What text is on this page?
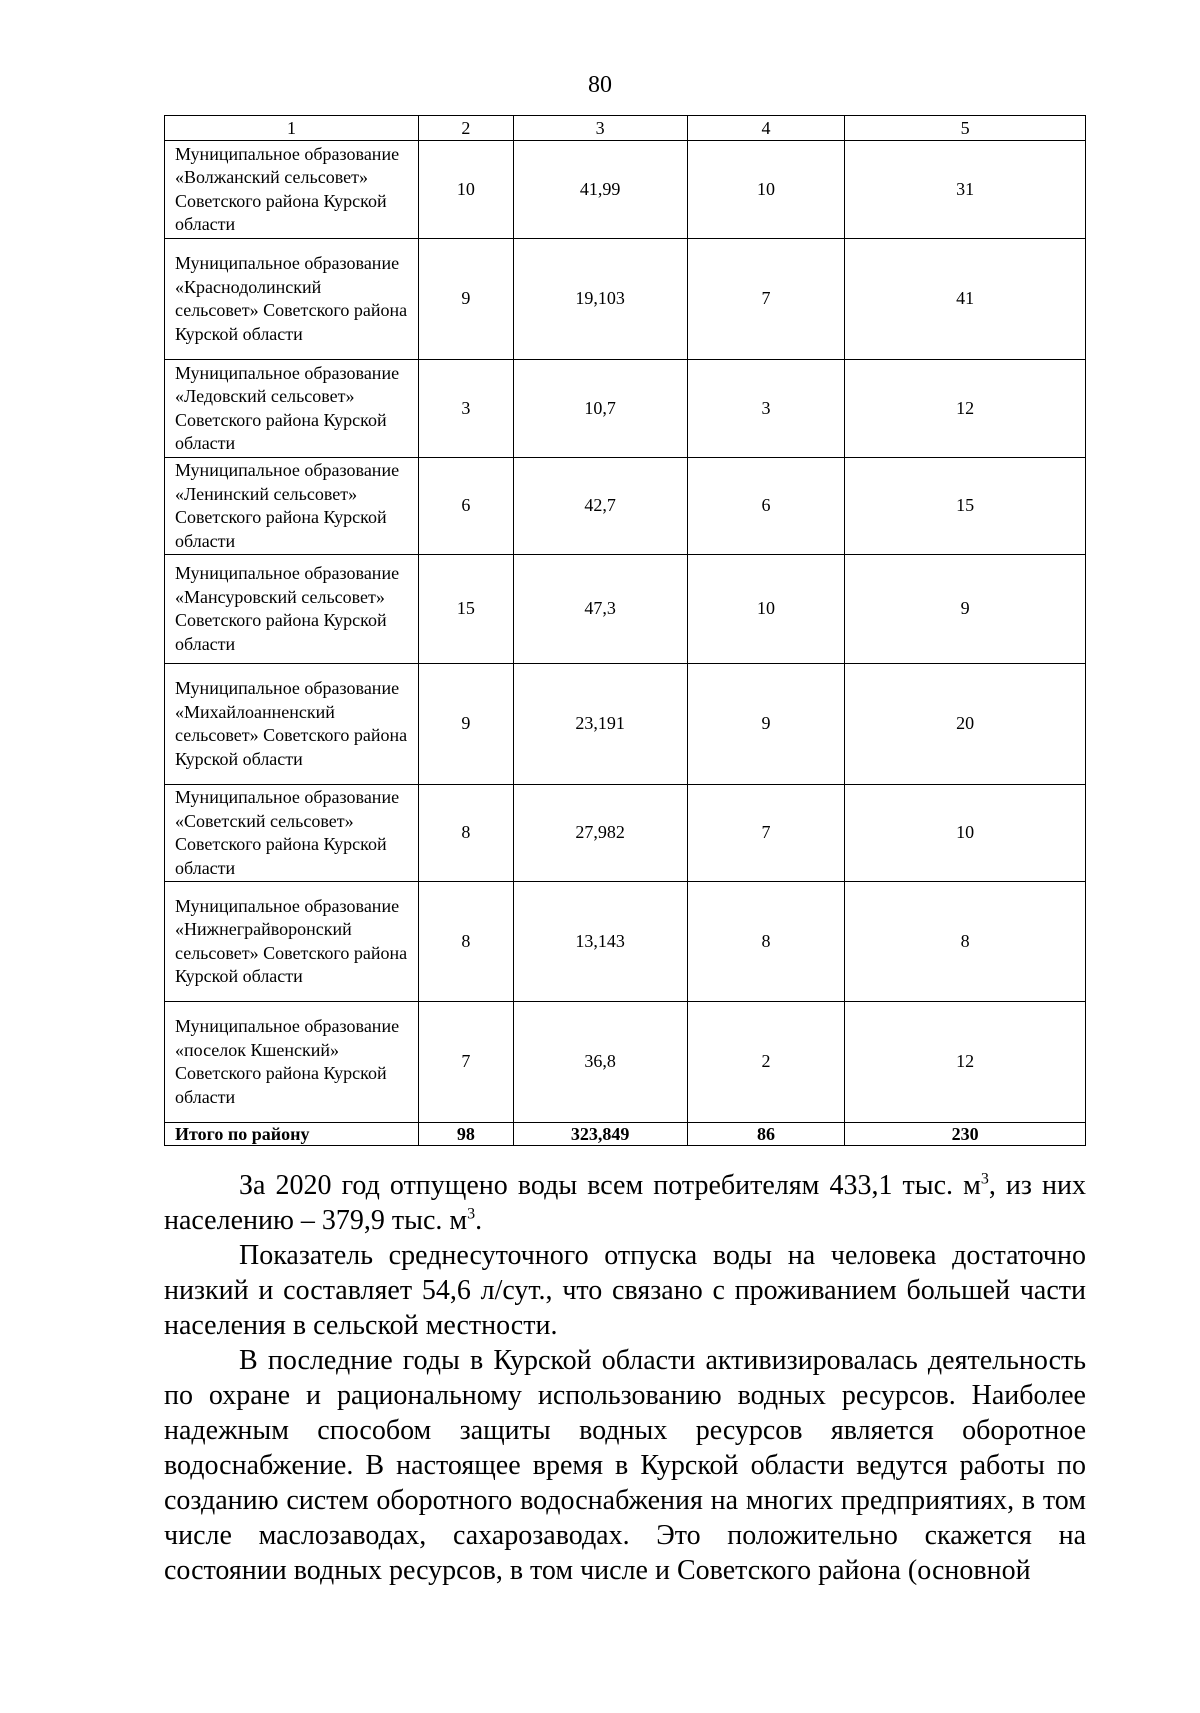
80
1	2	3	4	5
Муниципальное образование «Волжанский сельсовет» Советского района Курской области	10	41,99	10	31
Муниципальное образование «Краснодолинский сельсовет» Советского района Курской области	9	19,103	7	41
Муниципальное образование «Ледовский сельсовет» Советского района Курской области	3	10,7	3	12
Муниципальное образование «Ленинский сельсовет» Советского района Курской области	6	42,7	6	15
Муниципальное образование «Мансуровский сельсовет» Советского района Курской области	15	47,3	10	9
Муниципальное образование «Михайлоанненский сельсовет» Советского района Курской области	9	23,191	9	20
Муниципальное образование «Советский сельсовет» Советского района Курской области	8	27,982	7	10
Муниципальное образование «Нижнеграйворонский сельсовет» Советского района Курской области	8	13,143	8	8
Муниципальное образование «поселок Кшенский» Советского района Курской области	7	36,8	2	12
Итого по району	98	323,849	86	230

За 2020 год отпущено воды всем потребителям 433,1 тыс. $м^3$, из них населению – 379,9 тыс. $м^3$.

Показатель среднесуточного отпуска воды на человека достаточно низкий и составляет 54,6 л/сут., что связано с проживанием большей части населения в сельской местности.

В последние годы в Курской области активизировалась деятельность по охране и рациональному использованию водных ресурсов. Наиболее надежным способом защиты водных ресурсов является оборотное водоснабжение. В настоящее время в Курской области ведутся работы по созданию систем оборотного водоснабжения на многих предприятиях, в том числе маслозаводах, сахарозаводах. Это положительно скажется на состоянии водных ресурсов, в том числе и Советского района (основной
